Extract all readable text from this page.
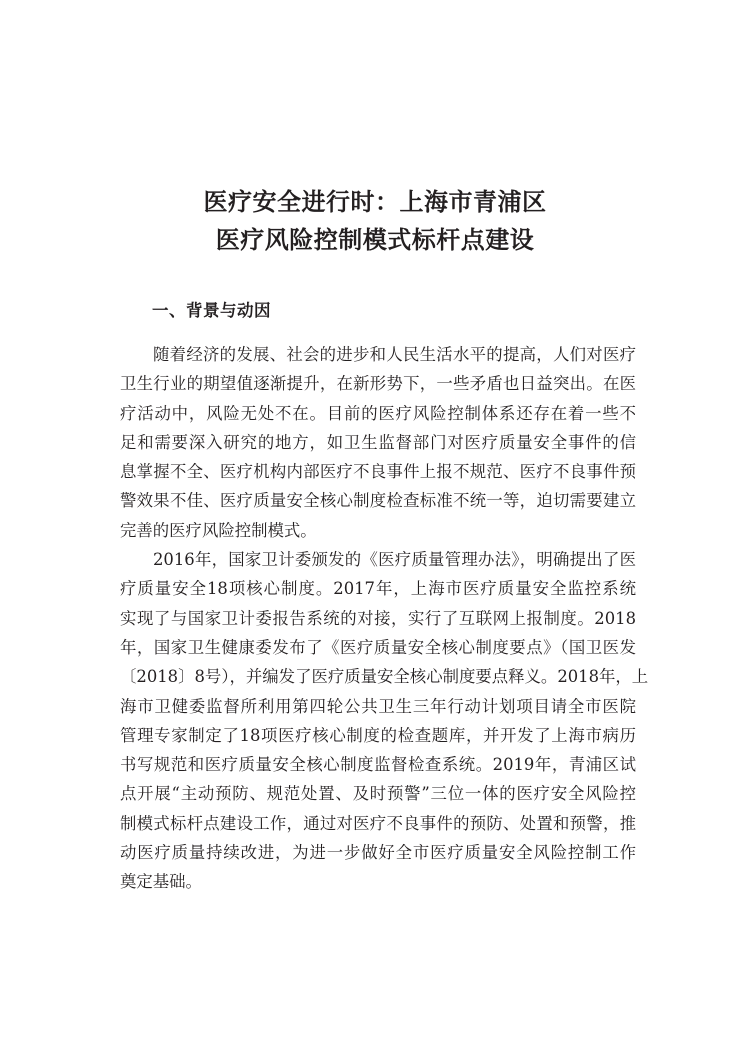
医疗安全进行时：上海市青浦区
医疗风险控制模式标杆点建设
一、背景与动因
随着经济的发展、社会的进步和人民生活水平的提高，人们对医疗
卫生行业的期望值逐渐提升，在新形势下，一些矛盾也日益突出。在医
疗活动中，风险无处不在。目前的医疗风险控制体系还存在着一些不
足和需要深入研究的地方，如卫生监督部门对医疗质量安全事件的信
息掌握不全、医疗机构内部医疗不良事件上报不规范、医疗不良事件预
警效果不佳、医疗质量安全核心制度检查标准不统一等，迫切需要建立
完善的医疗风险控制模式。
2016年，国家卫计委颁发的《医疗质量管理办法》，明确提出了医
疗质量安全18项核心制度。2017年，上海市医疗质量安全监控系统
实现了与国家卫计委报告系统的对接，实行了互联网上报制度。2018
年，国家卫生健康委发布了《医疗质量安全核心制度要点》（国卫医发
〔2018〕8号），并编发了医疗质量安全核心制度要点释义。2018年，上
海市卫健委监督所利用第四轮公共卫生三年行动计划项目请全市医院
管理专家制定了18项医疗核心制度的检查题库，并开发了上海市病历
书写规范和医疗质量安全核心制度监督检查系统。2019年，青浦区试
点开展“主动预防、规范处置、及时预警”三位一体的医疗安全风险控
制模式标杆点建设工作，通过对医疗不良事件的预防、处置和预警，推
动医疗质量持续改进，为进一步做好全市医疗质量安全风险控制工作
奠定基础。
